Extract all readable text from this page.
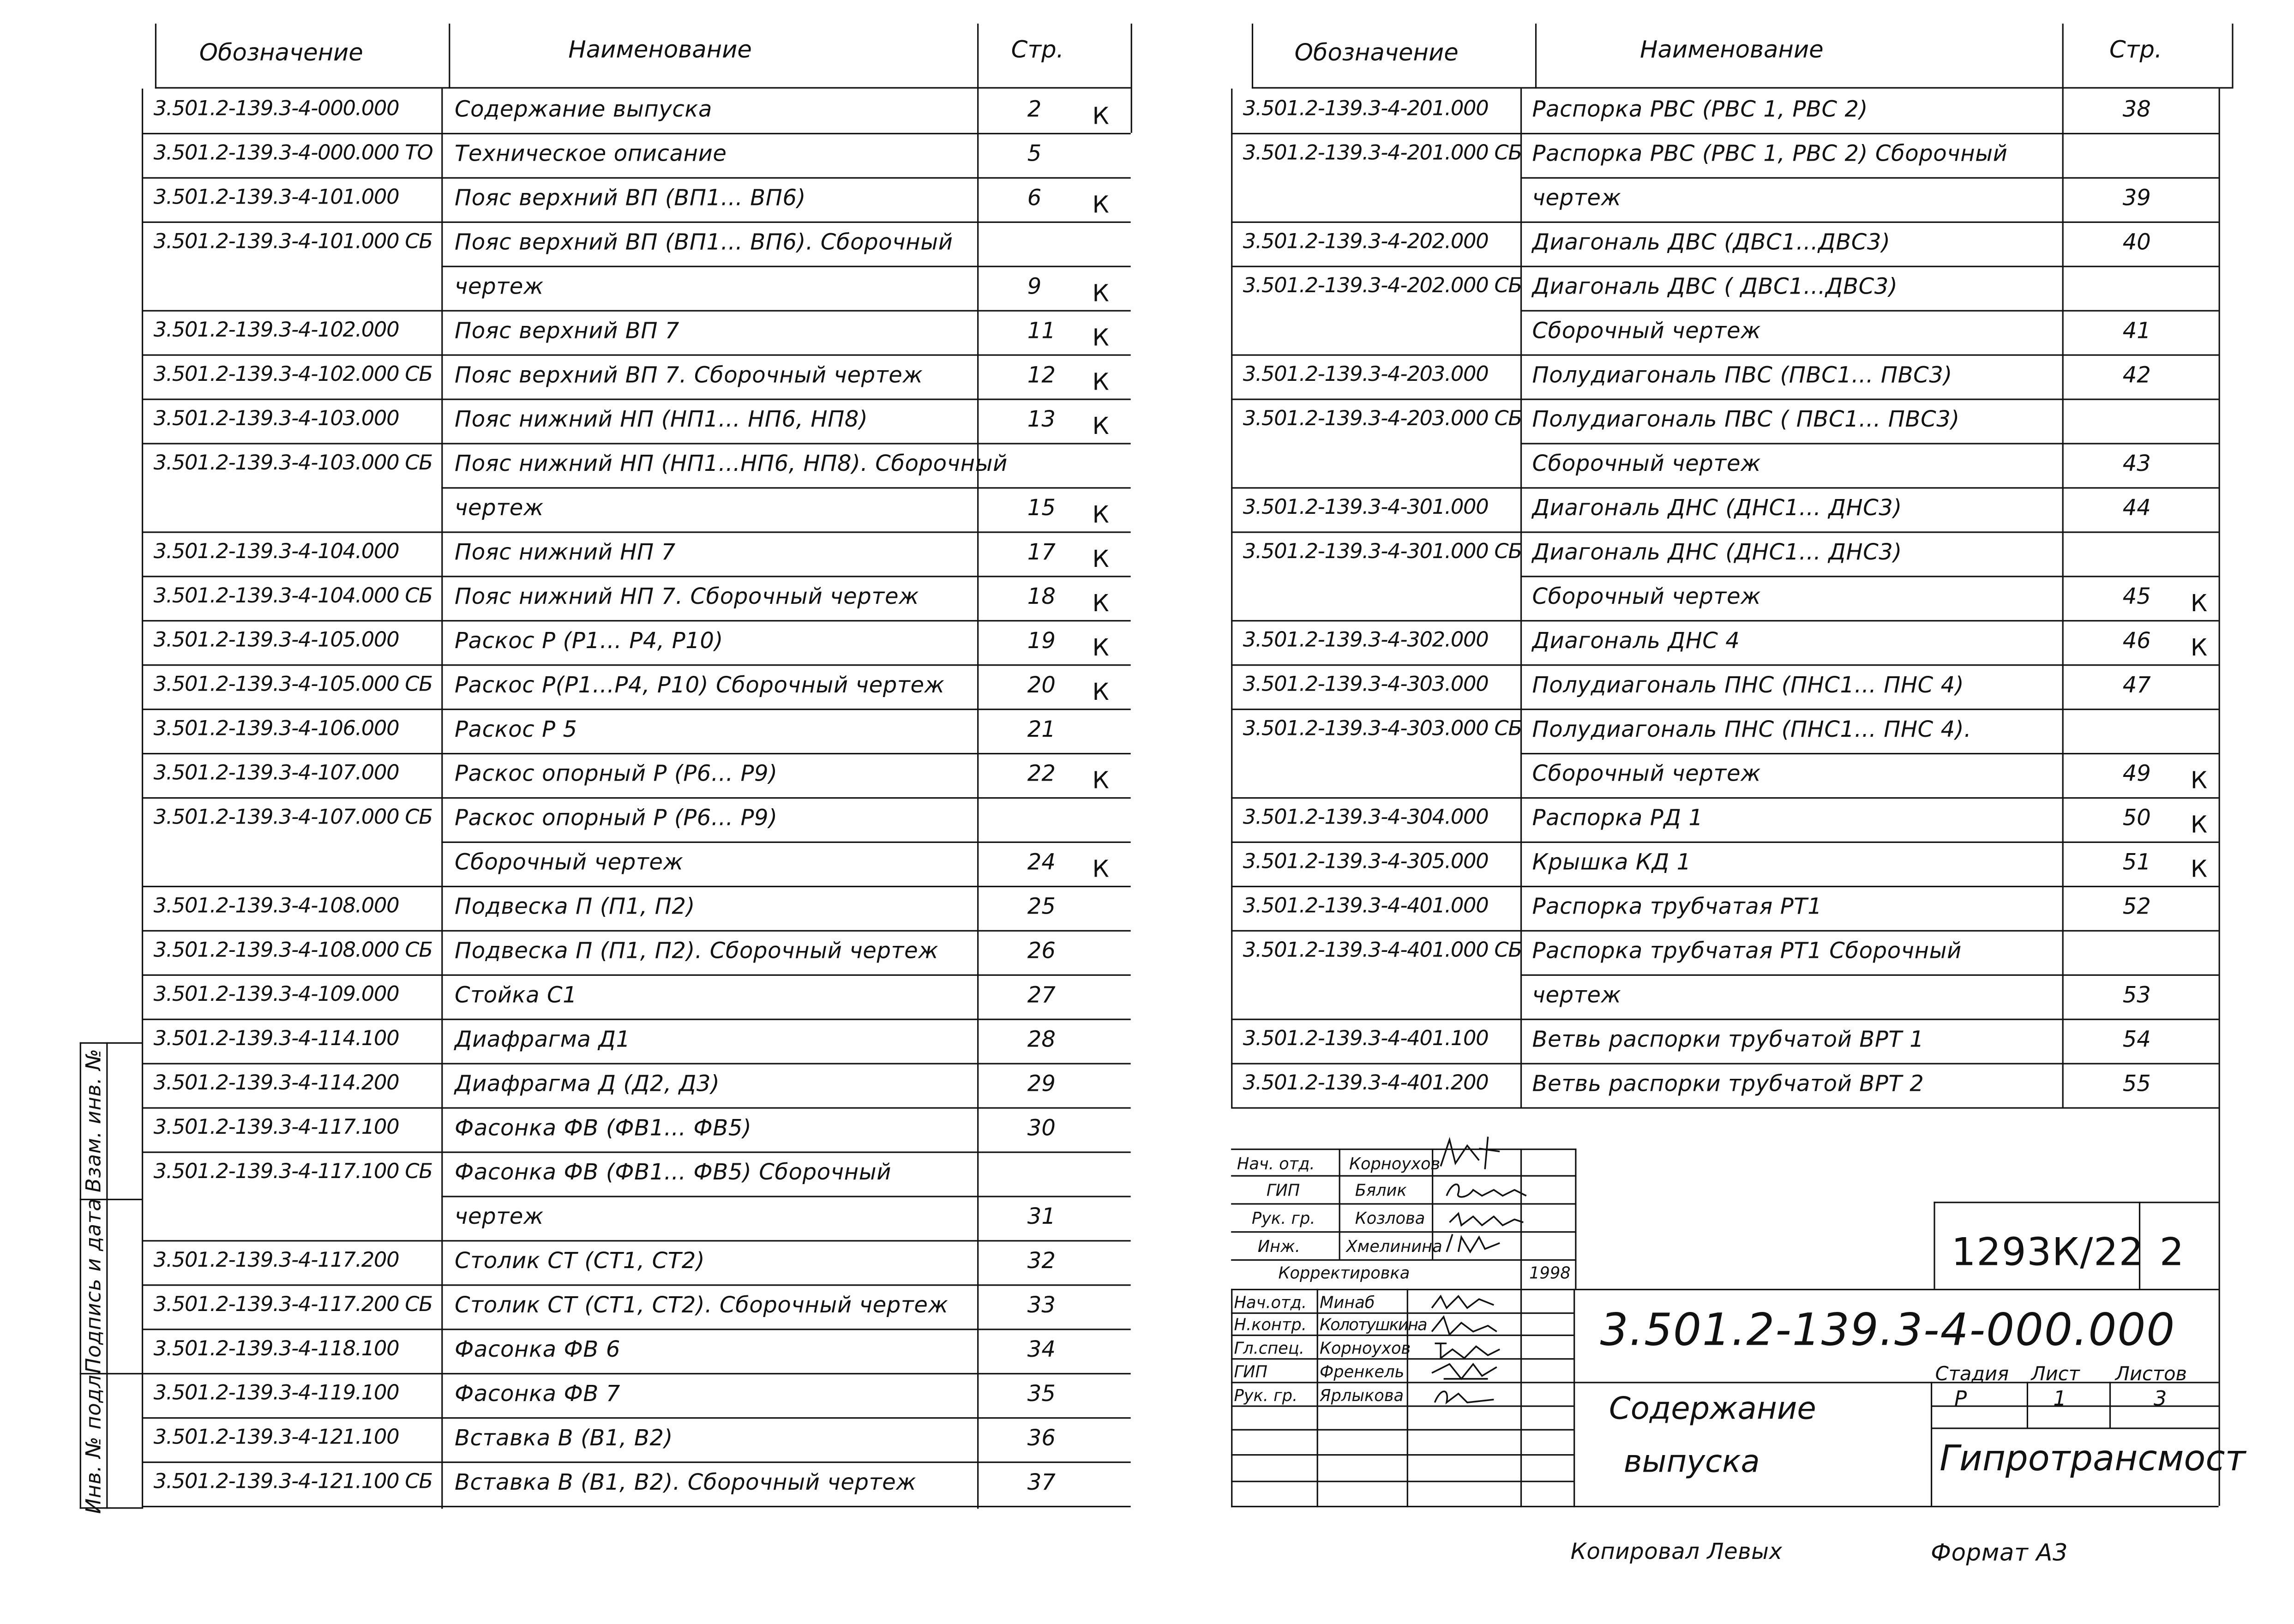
Обозначение	Наименование	Стр.	Обозначение	Наименование	Стр.
3.501.2-139.3-4-000.000	Содержание выпуска	2	К
3.501.2-139.3-4-000.000 ТО	Техническое описание	5
3.501.2-139.3-4-101.000	Пояс верхний ВП (ВП1... ВП6)	6	К
3.501.2-139.3-4-101.000 СБ	Пояс верхний ВП (ВП1... ВП6). Сборочный
чертеж	9	К
3.501.2-139.3-4-102.000	Пояс верхний ВП 7	11	К
3.501.2-139.3-4-102.000 СБ	Пояс верхний ВП 7. Сборочный чертеж	12	К
3.501.2-139.3-4-103.000	Пояс нижний НП (НП1... НП6, НП8)	13	К
3.501.2-139.3-4-103.000 СБ	Пояс нижний НП (НП1...НП6, НП8). Сборочный
чертеж	15	К
3.501.2-139.3-4-104.000	Пояс нижний НП 7	17	К
3.501.2-139.3-4-104.000 СБ	Пояс нижний НП 7. Сборочный чертеж	18	К
3.501.2-139.3-4-105.000	Раскос Р (Р1... Р4, Р10)	19	К
3.501.2-139.3-4-105.000 СБ	Раскос Р(Р1...Р4, Р10) Сборочный чертеж	20	К
3.501.2-139.3-4-106.000	Раскос Р 5	21
3.501.2-139.3-4-107.000	Раскос опорный Р (Р6... Р9)	22	К
3.501.2-139.3-4-107.000 СБ	Раскос опорный Р (Р6... Р9)
Сборочный чертеж	24	К
3.501.2-139.3-4-108.000	Подвеска П (П1, П2)	25
3.501.2-139.3-4-108.000 СБ	Подвеска П (П1, П2). Сборочный чертеж	26
3.501.2-139.3-4-109.000	Стойка С1	27
3.501.2-139.3-4-114.100	Диафрагма Д1	28
3.501.2-139.3-4-114.200	Диафрагма Д (Д2, Д3)	29
3.501.2-139.3-4-117.100	Фасонка ФВ (ФВ1... ФВ5)	30
3.501.2-139.3-4-117.100 СБ	Фасонка ФВ (ФВ1... ФВ5) Сборочный
чертеж	31
3.501.2-139.3-4-117.200	Столик СТ (СТ1, СТ2)	32
3.501.2-139.3-4-117.200 СБ	Столик СТ (СТ1, СТ2). Сборочный чертеж	33
3.501.2-139.3-4-118.100	Фасонка ФВ 6	34
3.501.2-139.3-4-119.100	Фасонка ФВ 7	35
3.501.2-139.3-4-121.100	Вставка В (В1, В2)	36
3.501.2-139.3-4-121.100 СБ	Вставка В (В1, В2). Сборочный чертеж	37
3.501.2-139.3-4-201.000	Распорка РВС (РВС 1, РВС 2)	38
3.501.2-139.3-4-201.000 СБ Распорка РВС (РВС 1, РВС 2) Сборочный
чертеж	39
3.501.2-139.3-4-202.000	Диагональ ДВС (ДВС1...ДВС3)	40
3.501.2-139.3-4-202.000 СБ Диагональ ДВС ( ДВС1...ДВС3)
Сборочный чертеж	41
3.501.2-139.3-4-203.000	Полудиагональ ПВС (ПВС1... ПВС3)	42
3.501.2-139.3-4-203.000 СБ Полудиагональ ПВС ( ПВС1... ПВС3)
Сборочный чертеж	43
3.501.2-139.3-4-301.000	Диагональ ДНС (ДНС1... ДНС3)	44
3.501.2-139.3-4-301.000 СБ Диагональ ДНС (ДНС1... ДНС3)
Сборочный чертеж	45	К
3.501.2-139.3-4-302.000	Диагональ ДНС 4	46	К
3.501.2-139.3-4-303.000	Полудиагональ ПНС (ПНС1... ПНС 4)	47
3.501.2-139.3-4-303.000 СБ Полудиагональ ПНС (ПНС1... ПНС 4).
Сборочный чертеж	49	К
3.501.2-139.3-4-304.000	Распорка РД 1	50	К
3.501.2-139.3-4-305.000	Крышка КД 1	51	К
3.501.2-139.3-4-401.000	Распорка трубчатая РТ1	52
3.501.2-139.3-4-401.000 СБ Распорка трубчатая РТ1 Сборочный
чертеж	53
3.501.2-139.3-4-401.100	Ветвь распорки трубчатой ВРТ 1	54
3.501.2-139.3-4-401.200	Ветвь распорки трубчатой ВРТ 2	55
Взам. инв. №
Подпись и дата
Инв. № подл.
Нач. отд.	Корноухов
ГИП	Бялик
Рук. гр.	Козлова
Инж.	Хмелинина
Корректировка	1998
Нач.отд.	Минаб
Н.контр.	Колотушкина
Гл.спец.	Корноухов
ГИП	Френкель
Рук. гр.	Ярлыкова
1293К/22 2
3.501.2-139.3-4-000.000
Содержание
выпуска
Стадия	Лист	Листов
Р	1	3
Гипротрансмост
Копировал Левых	Формат А3
